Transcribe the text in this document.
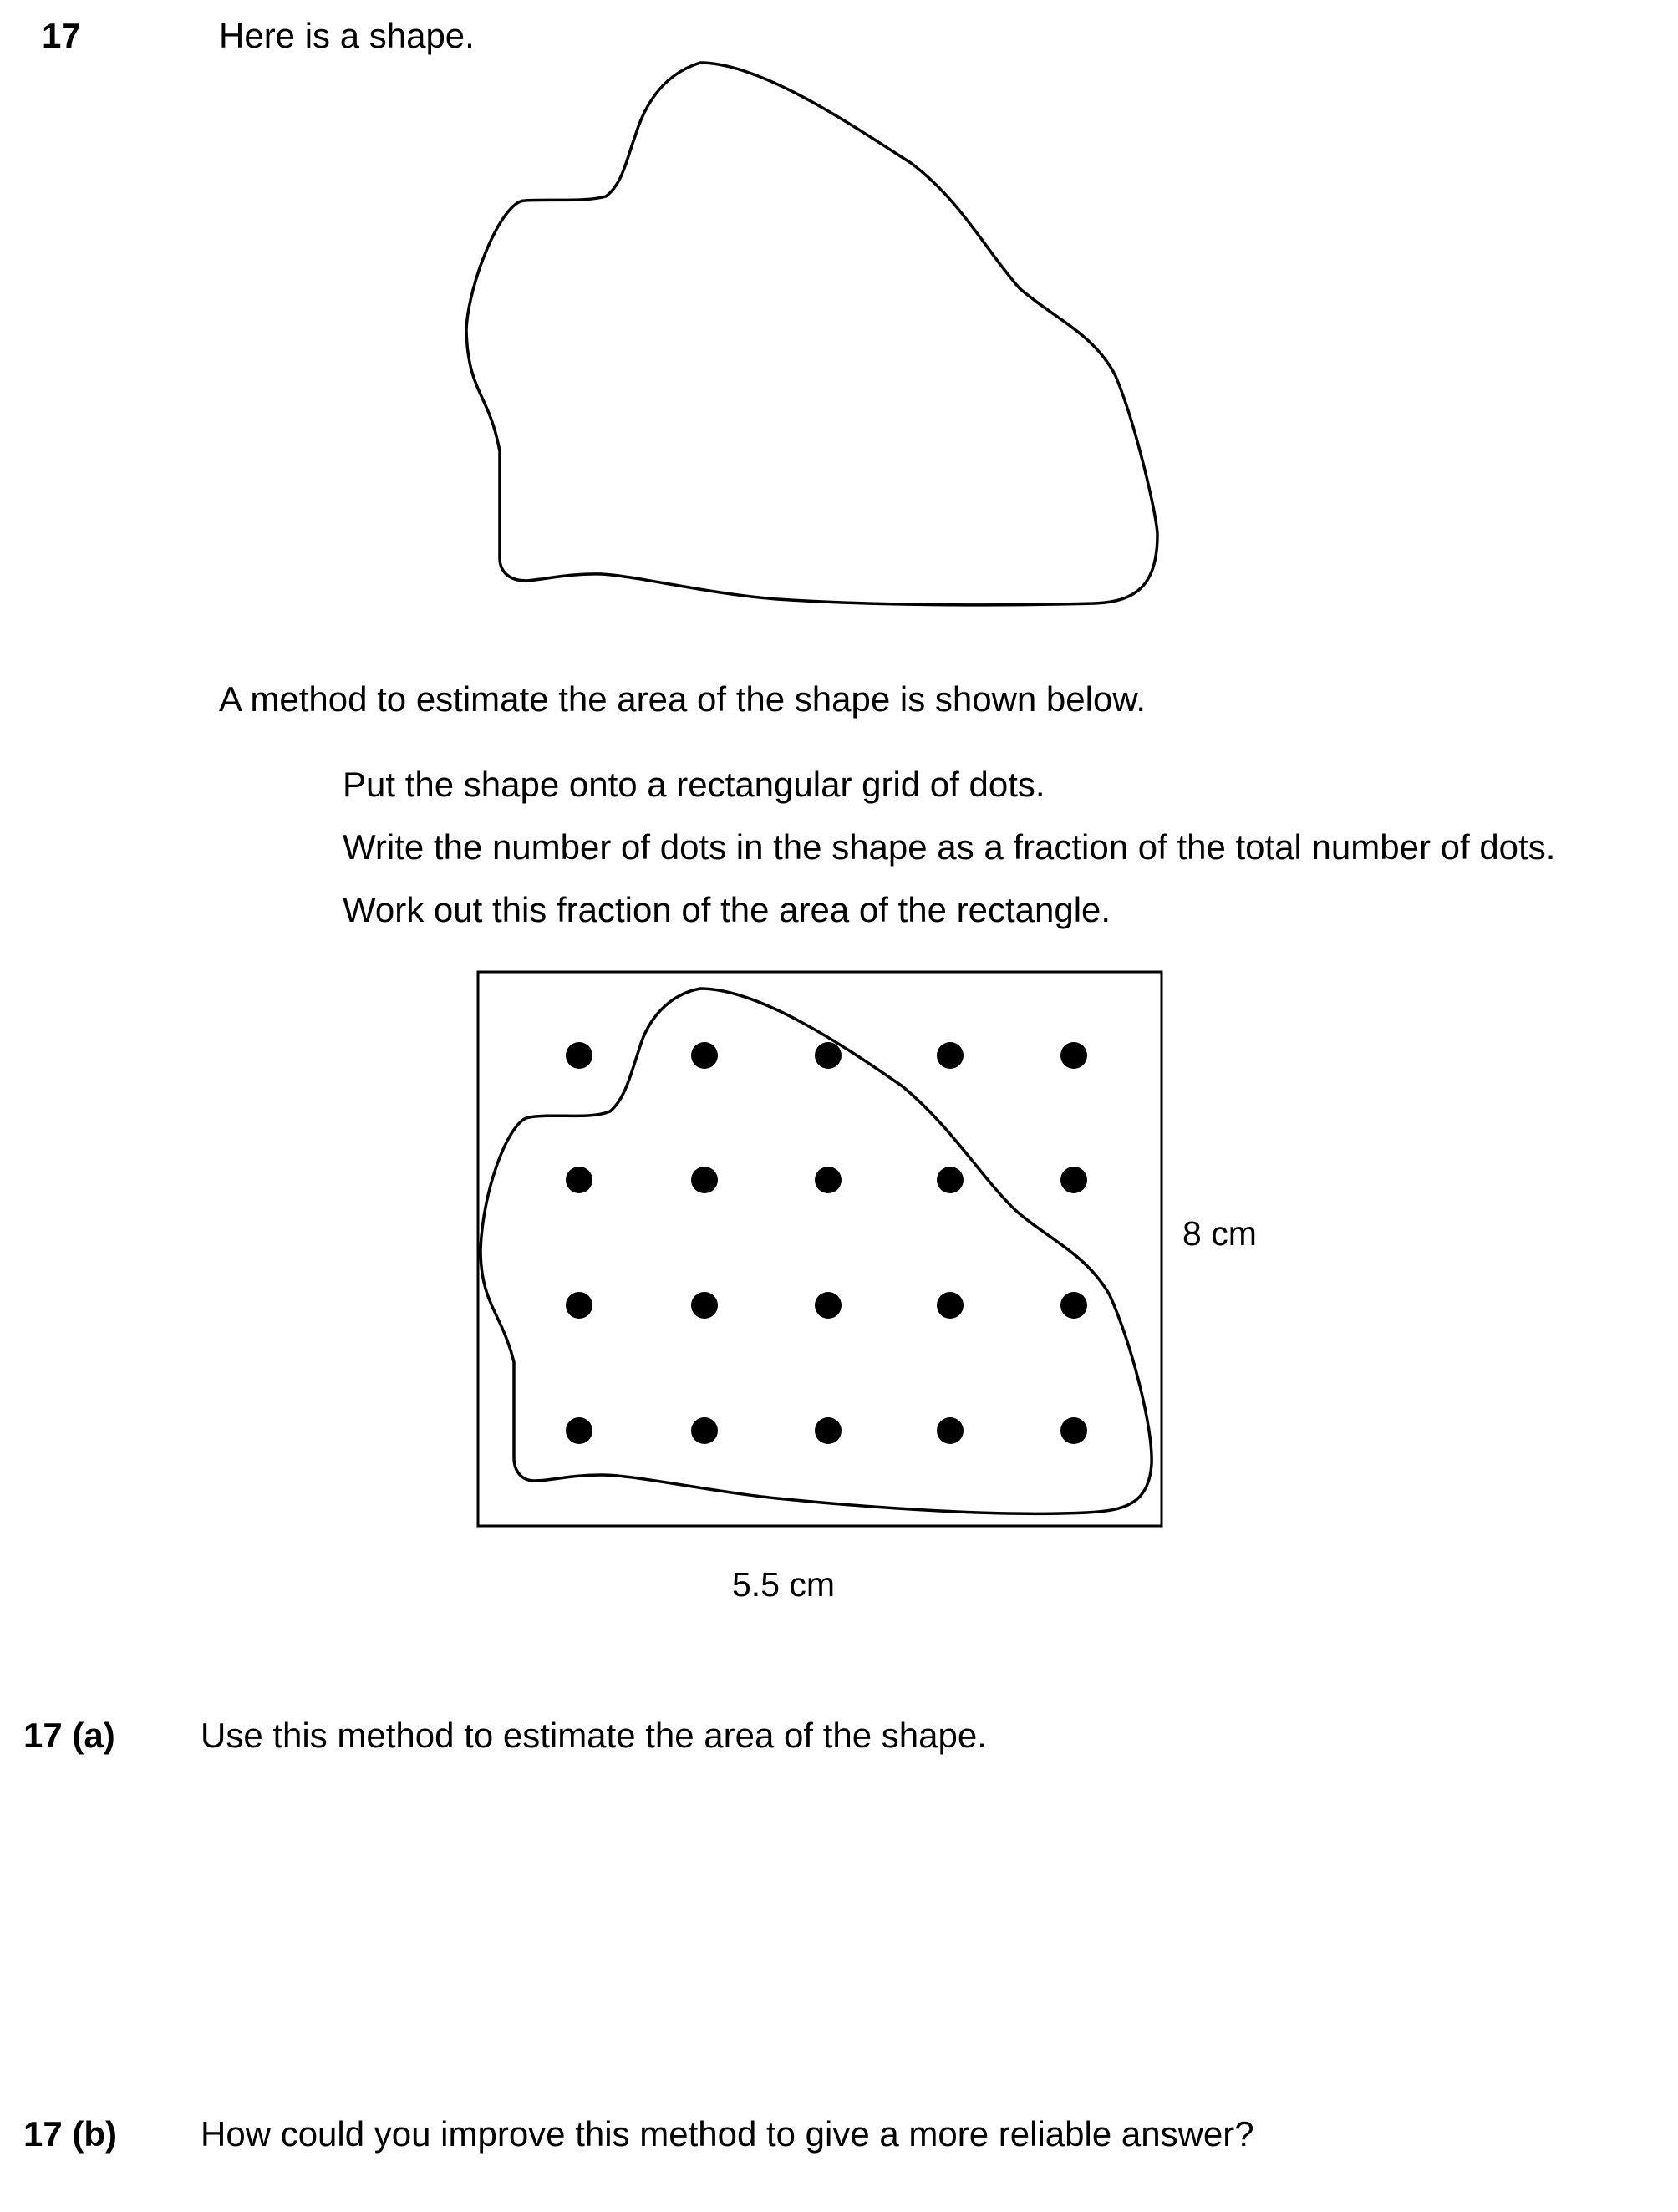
17	Here is a shape.
A method to estimate the area of the shape is shown below.
Put the shape onto a rectangular grid of dots.
Write the number of dots in the shape as a fraction of the total number of dots.
Work out this fraction of the area of the rectangle.
8 cm
5.5 cm
17 (a) Use this method to estimate the area of the shape.
17 (b) How could you improve this method to give a more reliable answer?
